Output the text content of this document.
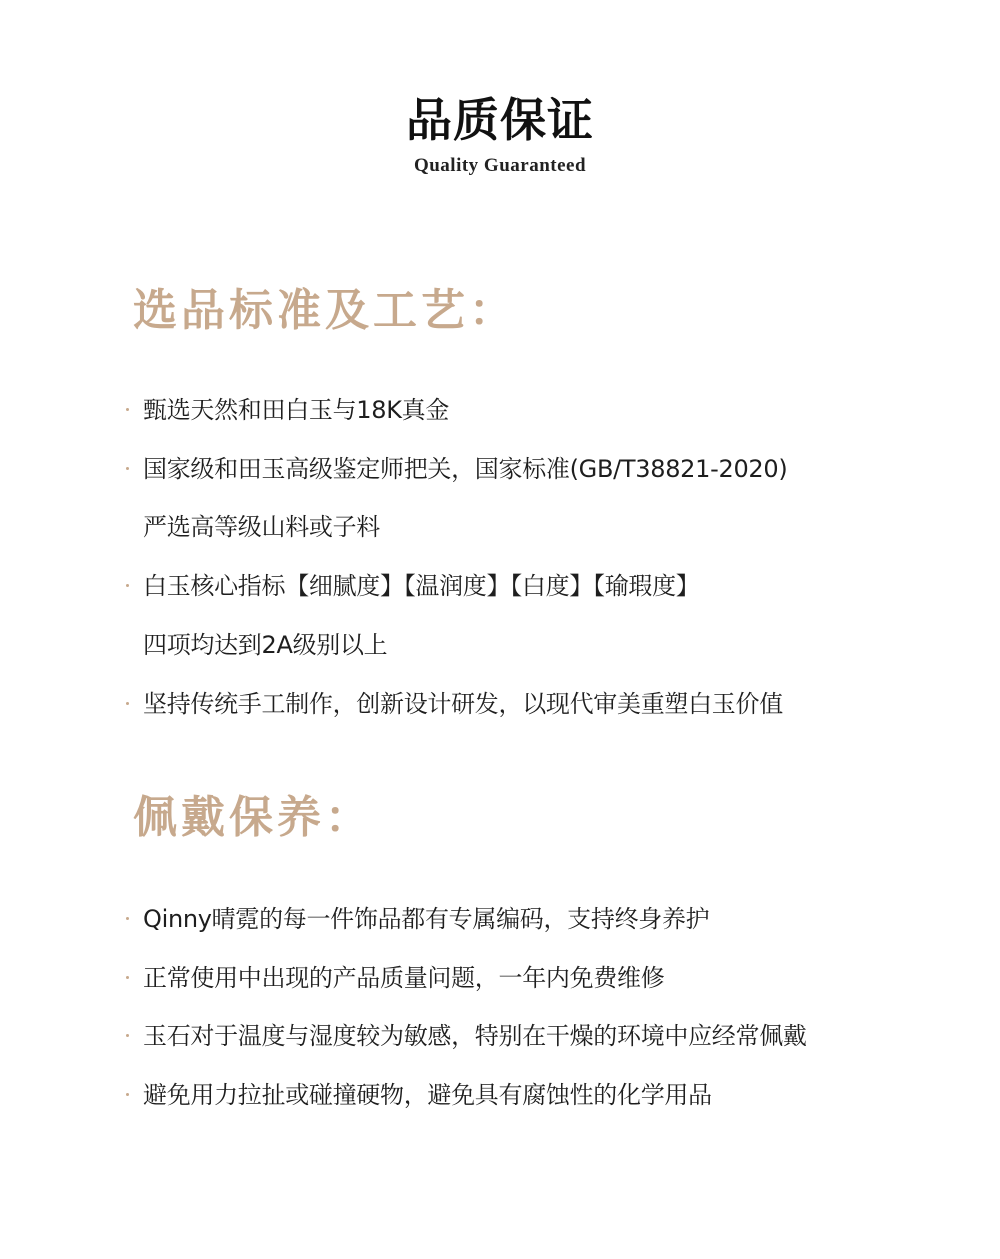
品质保证
Quality Guaranteed
选品标准及工艺：
甄选天然和田白玉与18K真金
国家级和田玉高级鉴定师把关，国家标准(GB/T38821-2020)
严选高等级山料或子料
白玉核心指标【细腻度】【温润度】【白度】【瑜瑕度】
四项均达到2A级别以上
坚持传统手工制作，创新设计研发，以现代审美重塑白玉价值
佩戴保养：
Qinny晴霓的每一件饰品都有专属编码，支持终身养护
正常使用中出现的产品质量问题，一年内免费维修
玉石对于温度与湿度较为敏感，特别在干燥的环境中应经常佩戴
避免用力拉扯或碰撞硬物，避免具有腐蚀性的化学用品
